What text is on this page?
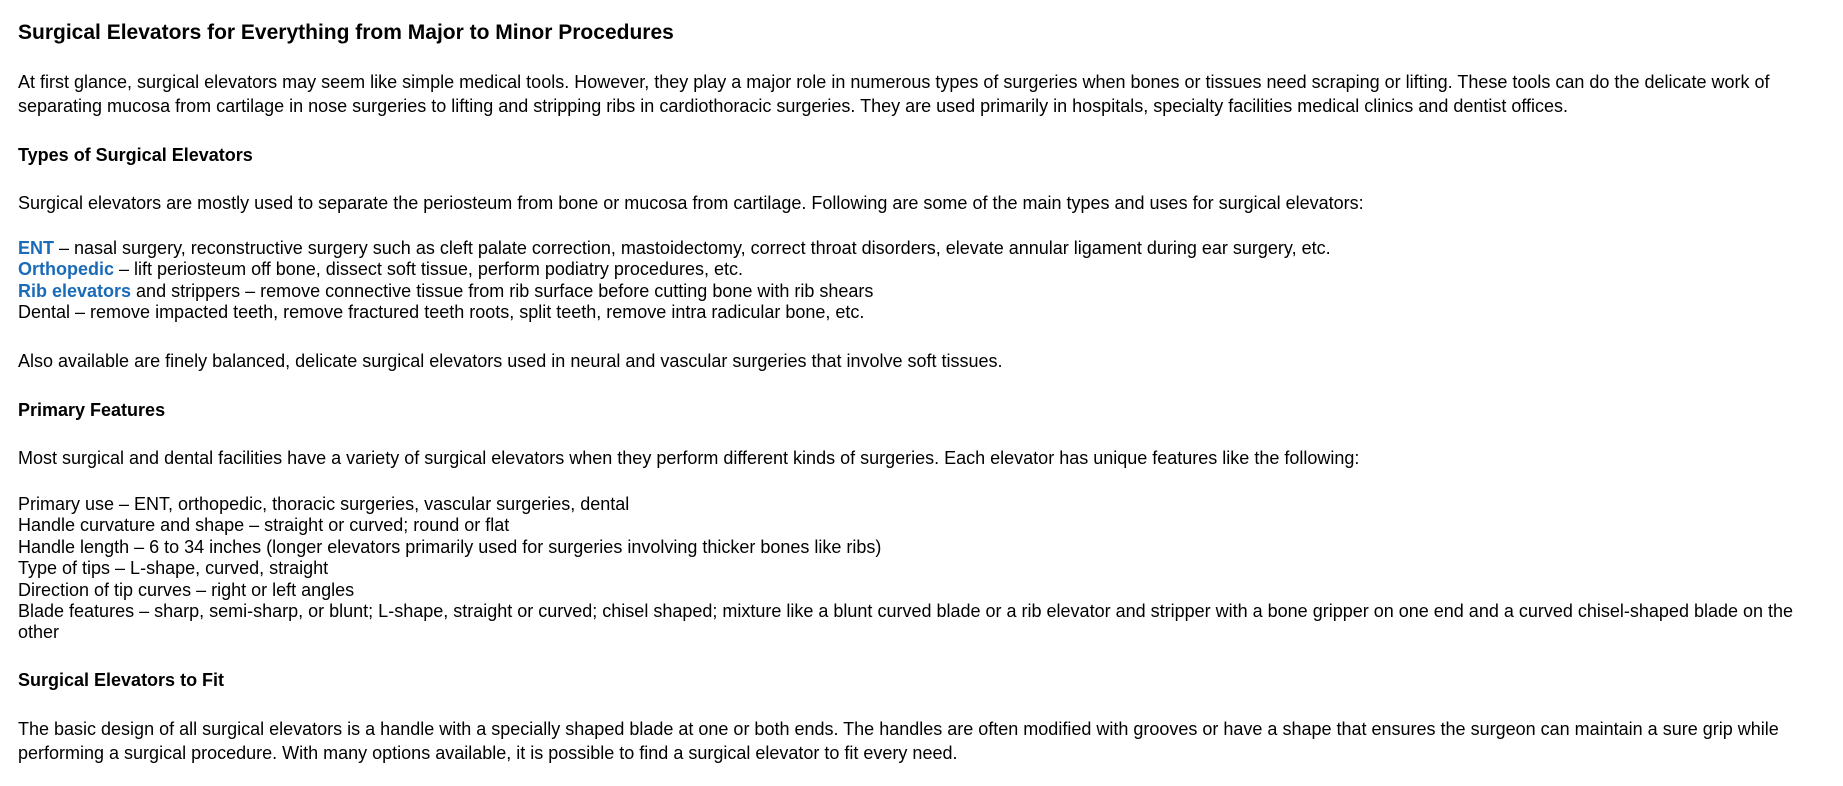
Surgical Elevators for Everything from Major to Minor Procedures

At first glance, surgical elevators may seem like simple medical tools. However, they play a major role in numerous types of surgeries when bones or tissues need scraping or lifting. These tools can do the delicate work of separating mucosa from cartilage in nose surgeries to lifting and stripping ribs in cardiothoracic surgeries. They are used primarily in hospitals, specialty facilities medical clinics and dentist offices.

Types of Surgical Elevators

Surgical elevators are mostly used to separate the periosteum from bone or mucosa from cartilage. Following are some of the main types and uses for surgical elevators:

ENT – nasal surgery, reconstructive surgery such as cleft palate correction, mastoidectomy, correct throat disorders, elevate annular ligament during ear surgery, etc.
Orthopedic – lift periosteum off bone, dissect soft tissue, perform podiatry procedures, etc.
Rib elevators and strippers – remove connective tissue from rib surface before cutting bone with rib shears
Dental – remove impacted teeth, remove fractured teeth roots, split teeth, remove intra radicular bone, etc.

Also available are finely balanced, delicate surgical elevators used in neural and vascular surgeries that involve soft tissues.

Primary Features

Most surgical and dental facilities have a variety of surgical elevators when they perform different kinds of surgeries. Each elevator has unique features like the following:

Primary use – ENT, orthopedic, thoracic surgeries, vascular surgeries, dental
Handle curvature and shape – straight or curved; round or flat
Handle length – 6 to 34 inches (longer elevators primarily used for surgeries involving thicker bones like ribs)
Type of tips – L-shape, curved, straight
Direction of tip curves – right or left angles
Blade features – sharp, semi-sharp, or blunt; L-shape, straight or curved; chisel shaped; mixture like a blunt curved blade or a rib elevator and stripper with a bone gripper on one end and a curved chisel-shaped blade on the other
Surgical Elevators to Fit

The basic design of all surgical elevators is a handle with a specially shaped blade at one or both ends. The handles are often modified with grooves or have a shape that ensures the surgeon can maintain a sure grip while performing a surgical procedure. With many options available, it is possible to find a surgical elevator to fit every need.
